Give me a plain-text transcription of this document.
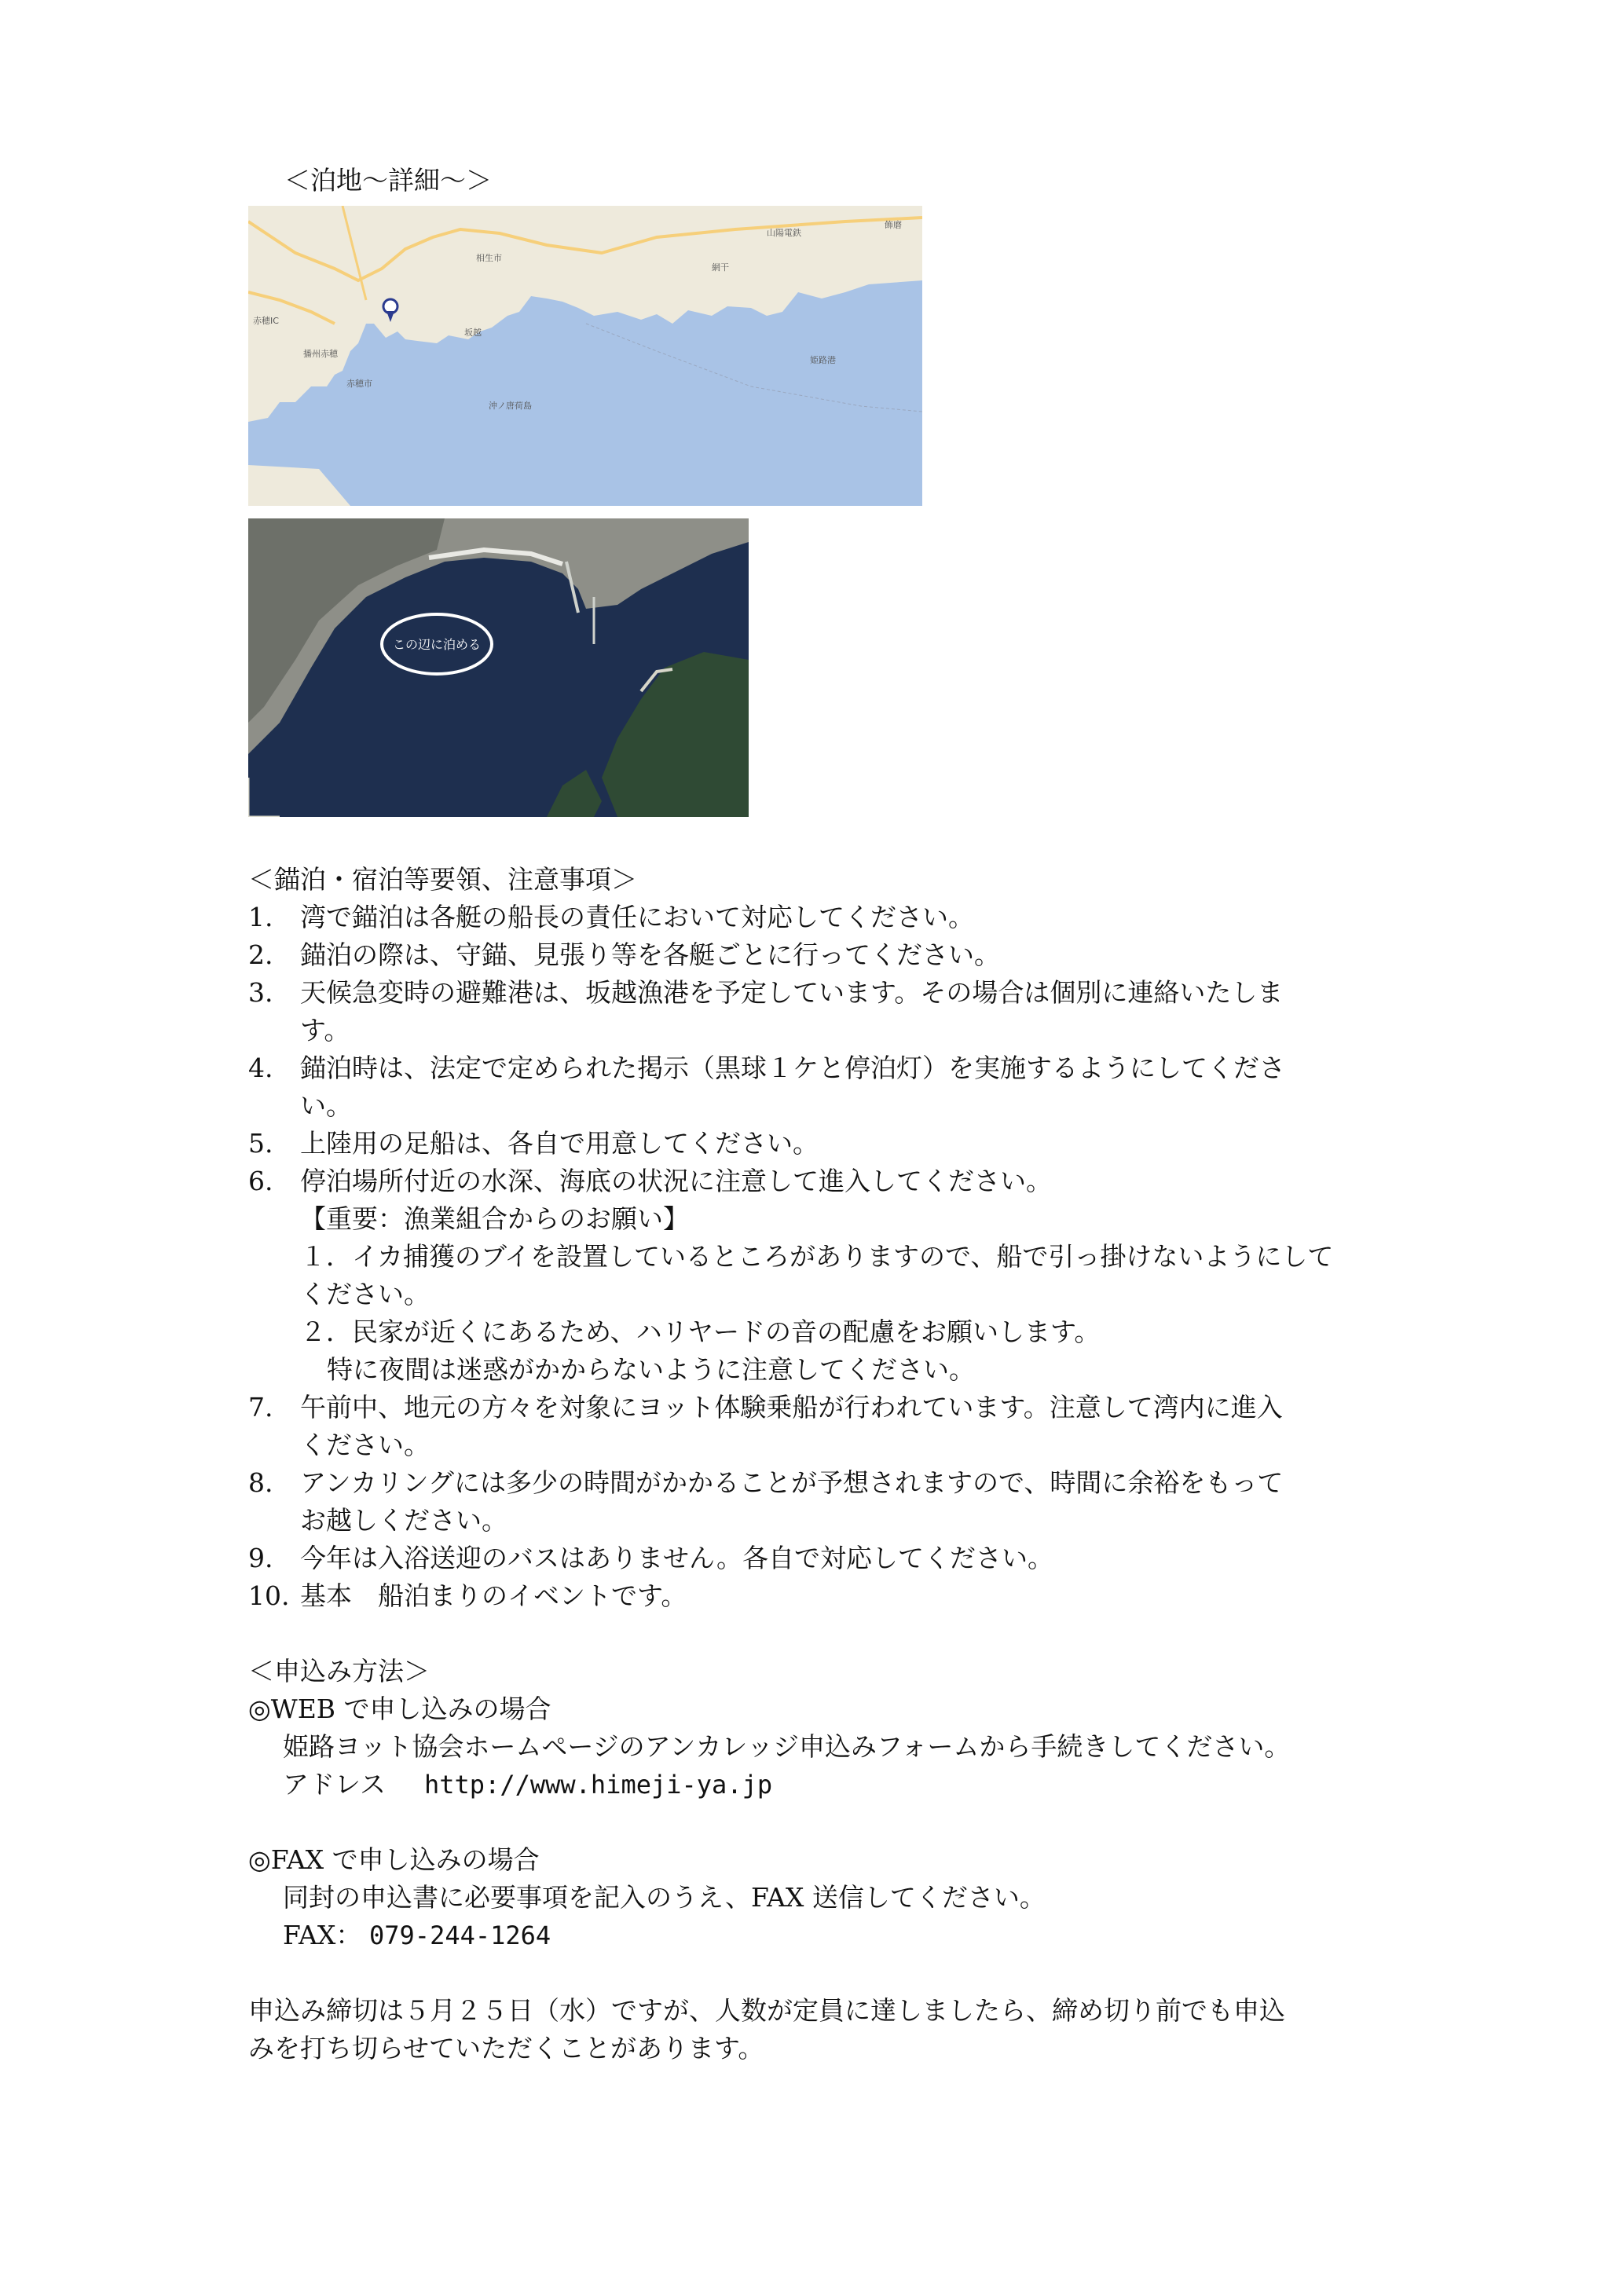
＜泊地〜詳細〜＞
山陽電鉄
飾磨
相生市
赤穂IC
播州赤穂
赤穂市
坂越
沖ノ唐荷島
網干
姫路港
この辺に泊める
＜錨泊・宿泊等要領、注意事項＞
1. 湾で錨泊は各艇の船長の責任において対応してください。
2. 錨泊の際は、守錨、見張り等を各艇ごとに行ってください。
3. 天候急変時の避難港は、坂越漁港を予定しています。その場合は個別に連絡いたしま
す。
4. 錨泊時は、法定で定められた掲示（黒球１ケと停泊灯）を実施するようにしてくださ
い。
5. 上陸用の足船は、各自で用意してください。
6. 停泊場所付近の水深、海底の状況に注意して進入してください。
【重要：漁業組合からのお願い】
１．イカ捕獲のブイを設置しているところがありますので、船で引っ掛けないようにして
ください。
２．民家が近くにあるため、ハリヤードの音の配慮をお願いします。
特に夜間は迷惑がかからないように注意してください。
7. 午前中、地元の方々を対象にヨット体験乗船が行われています。注意して湾内に進入
ください。
8. アンカリングには多少の時間がかかることが予想されますので、時間に余裕をもって
お越しください。
9. 今年は入浴送迎のバスはありません。各自で対応してください。
10. 基本　船泊まりのイベントです。
＜申込み方法＞
◎WEB で申し込みの場合
姫路ヨット協会ホームページのアンカレッジ申込みフォームから手続きしてください。
アドレス http://www.himeji-ya.jp
◎FAX で申し込みの場合
同封の申込書に必要事項を記入のうえ、FAX 送信してください。
FAX： 079-244-1264
申込み締切は５月２５日（水）ですが、人数が定員に達しましたら、締め切り前でも申込
みを打ち切らせていただくことがあります。
